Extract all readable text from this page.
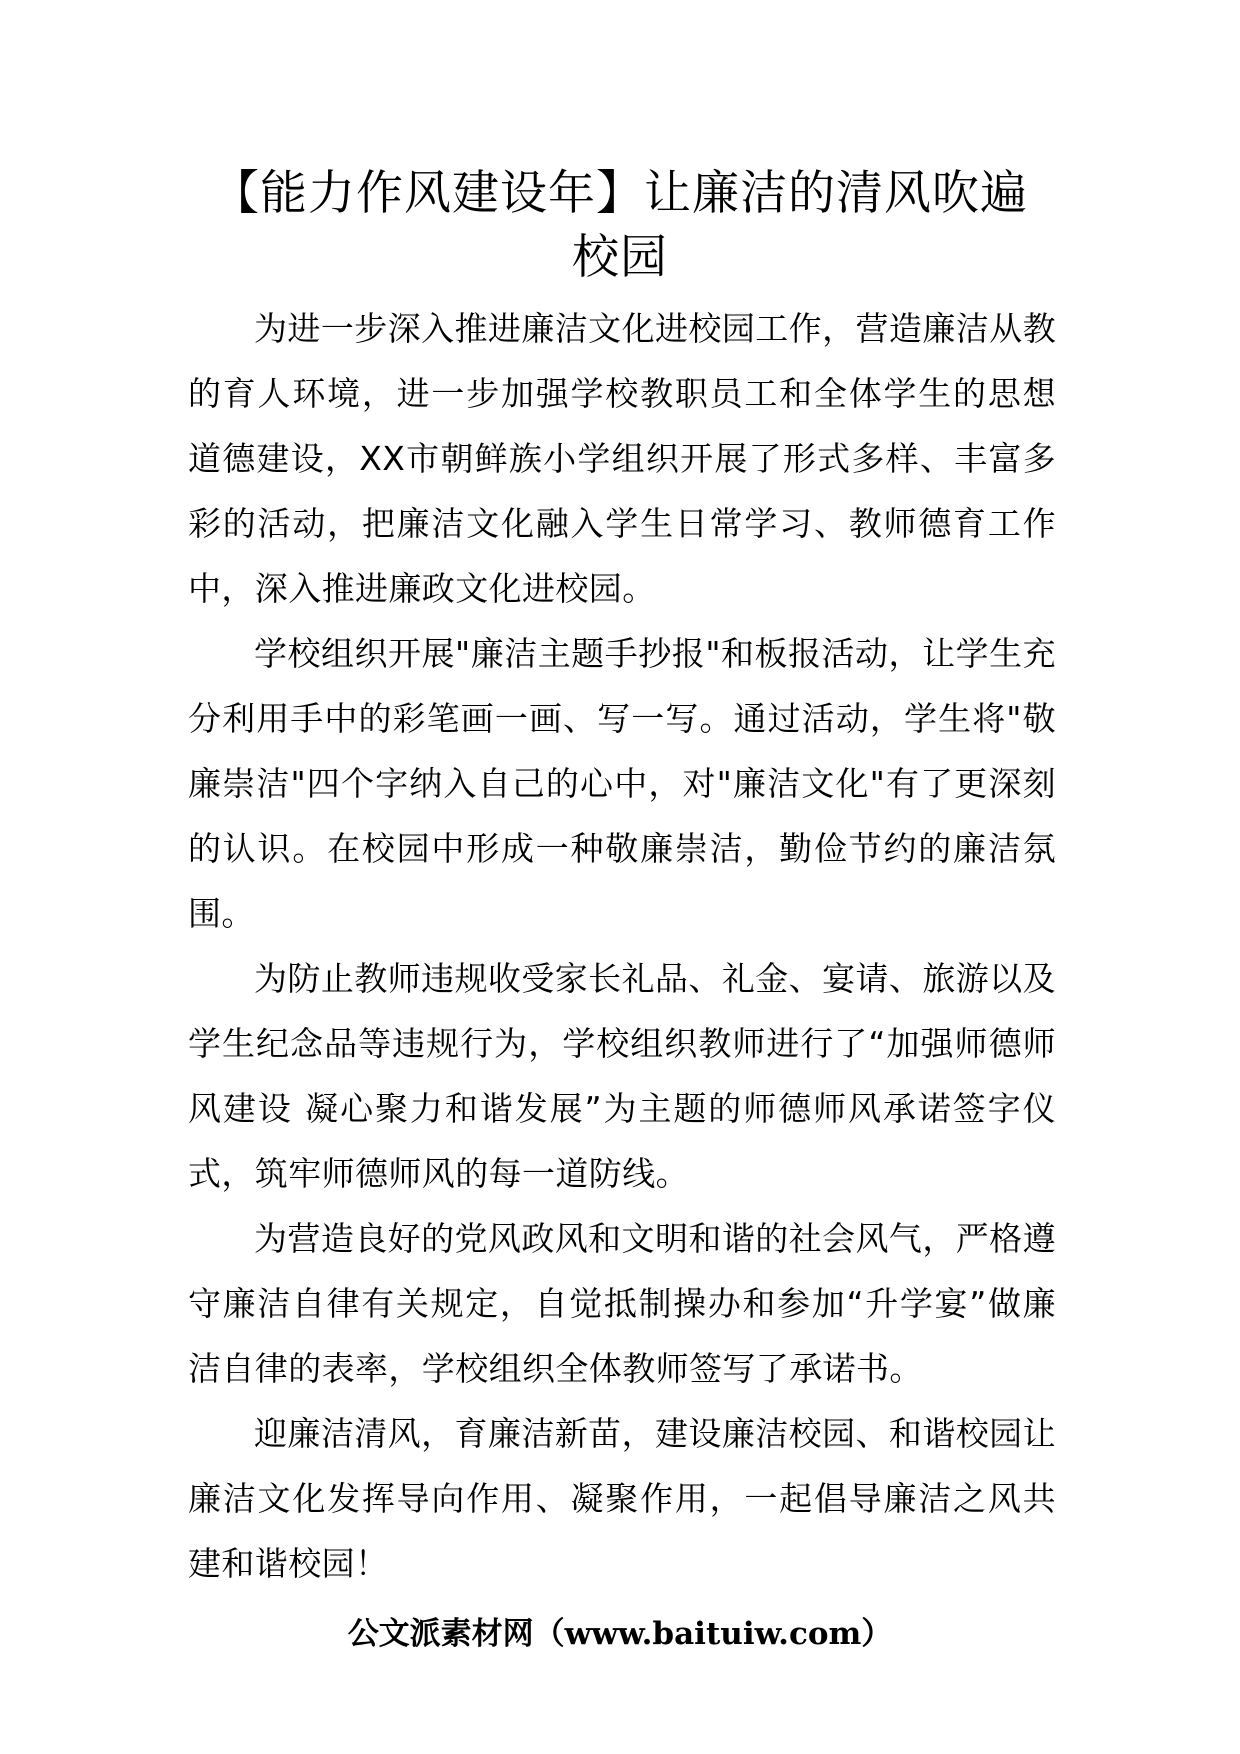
【能力作风建设年】让廉洁的清风吹遍校园

为进一步深入推进廉洁文化进校园工作，营造廉洁从教的育人环境，进一步加强学校教职员工和全体学生的思想道德建设，XX市朝鲜族小学组织开展了形式多样、丰富多彩的活动，把廉洁文化融入学生日常学习、教师德育工作中，深入推进廉政文化进校园。

学校组织开展"廉洁主题手抄报"和板报活动，让学生充分利用手中的彩笔画一画、写一写。通过活动，学生将"敬廉崇洁"四个字纳入自己的心中，对"廉洁文化"有了更深刻的认识。在校园中形成一种敬廉崇洁，勤俭节约的廉洁氛围。

为防止教师违规收受家长礼品、礼金、宴请、旅游以及学生纪念品等违规行为，学校组织教师进行了“加强师德师风建设 凝心聚力和谐发展”为主题的师德师风承诺签字仪式，筑牢师德师风的每一道防线。

为营造良好的党风政风和文明和谐的社会风气，严格遵守廉洁自律有关规定，自觉抵制操办和参加“升学宴”做廉洁自律的表率，学校组织全体教师签写了承诺书。

迎廉洁清风，育廉洁新苗，建设廉洁校园、和谐校园让廉洁文化发挥导向作用、凝聚作用，一起倡导廉洁之风共建和谐校园！

公文派素材网（www.baituiw.com）
